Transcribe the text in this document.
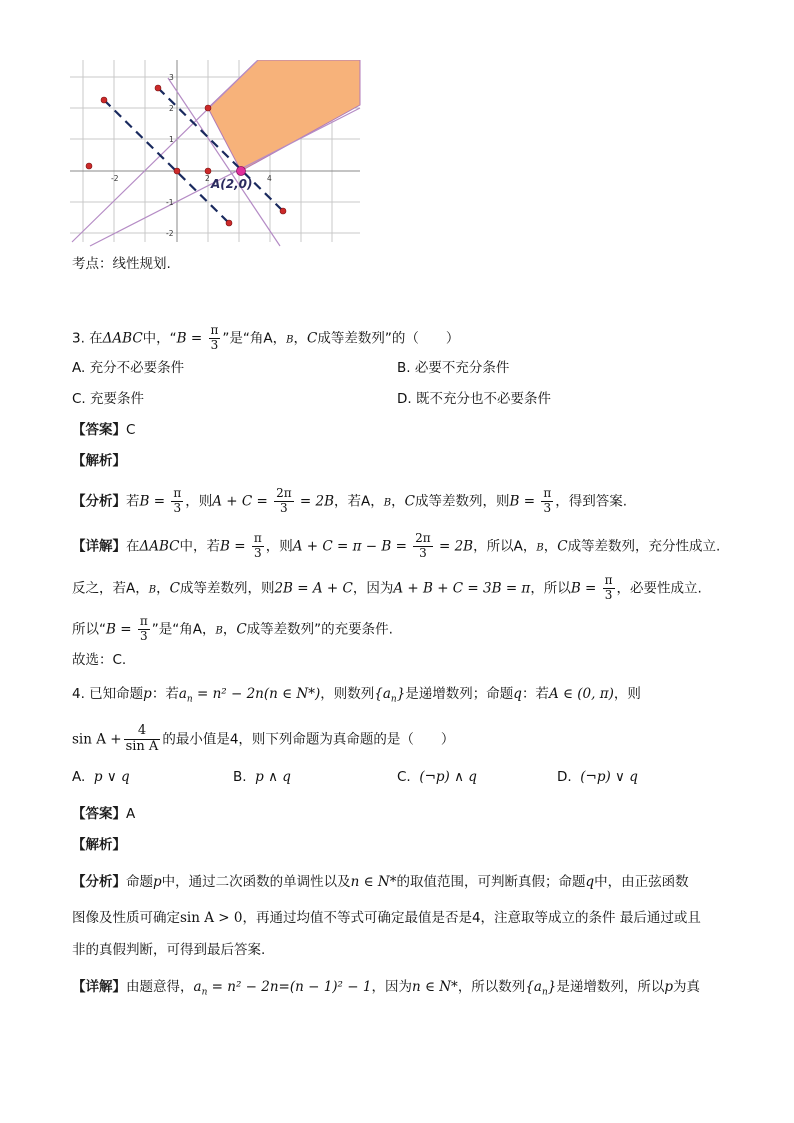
-2	2	4
3
2
1
-1
-2
A(2,0)
考点：线性规划.
3. 在ΔABC中，“$B = \frac{\pi}{3}$ ”是“角A，B，C成等差数列”的（　　）
A. 充分不必要条件	B. 必要不充分条件
C. 充要条件	D. 既不充分也不必要条件
【答案】C
【解析】
【分析】若$B = \frac{\pi}{3}$ ，则$A + C = \frac{2\pi}{3} = 2B$，若A，B，C成等差数列，则$B = \frac{\pi}{3}$ ，得到答案.
【详解】在ΔABC中，若$B = \frac{\pi}{3}$ ，则$A + C = \pi - B = \frac{2\pi}{3} = 2B$，所以A，B，C成等差数列，充分性成立.
反之，若A，B，C成等差数列，则2B = A + C，因为A + B + C = 3B = π，所以$B = \frac{\pi}{3}$ ，必要性成立.
所以“$B = \frac{\pi}{3}$ ”是“角A，B，C成等差数列”的充要条件.
故选：C.
4. 已知命题p：若$a_n = n^2 - 2n(n$ ∈ N*)，则数列$\{a_n\}$是递增数列；命题q：若A ∈ (0, π)，则
$\sin A + \frac{4}{\text{sin A}}$ 的最小值是4，则下列命题为真命题的是（　　）
A. p ∨ q	B. p ∧ q	C. (¬p) ∧ q	D. (¬p) ∨ q
【答案】A
【解析】
【分析】命题p中，通过二次函数的单调性以及n ∈ N*的取值范围，可判断真假；命题q中，由正弦函数
图像及性质可确定sin A > 0，再通过均值不等式可确定最值是否是4，注意取等成立的条件 最后通过或且
非的真假判断，可得到最后答案.
【详解】由题意得，$a_n = n^2 - 2n=(n - 1)^2 - 1$，因为n ∈ N*，所以数列$\{a_n\}$是递增数列，所以p为真
